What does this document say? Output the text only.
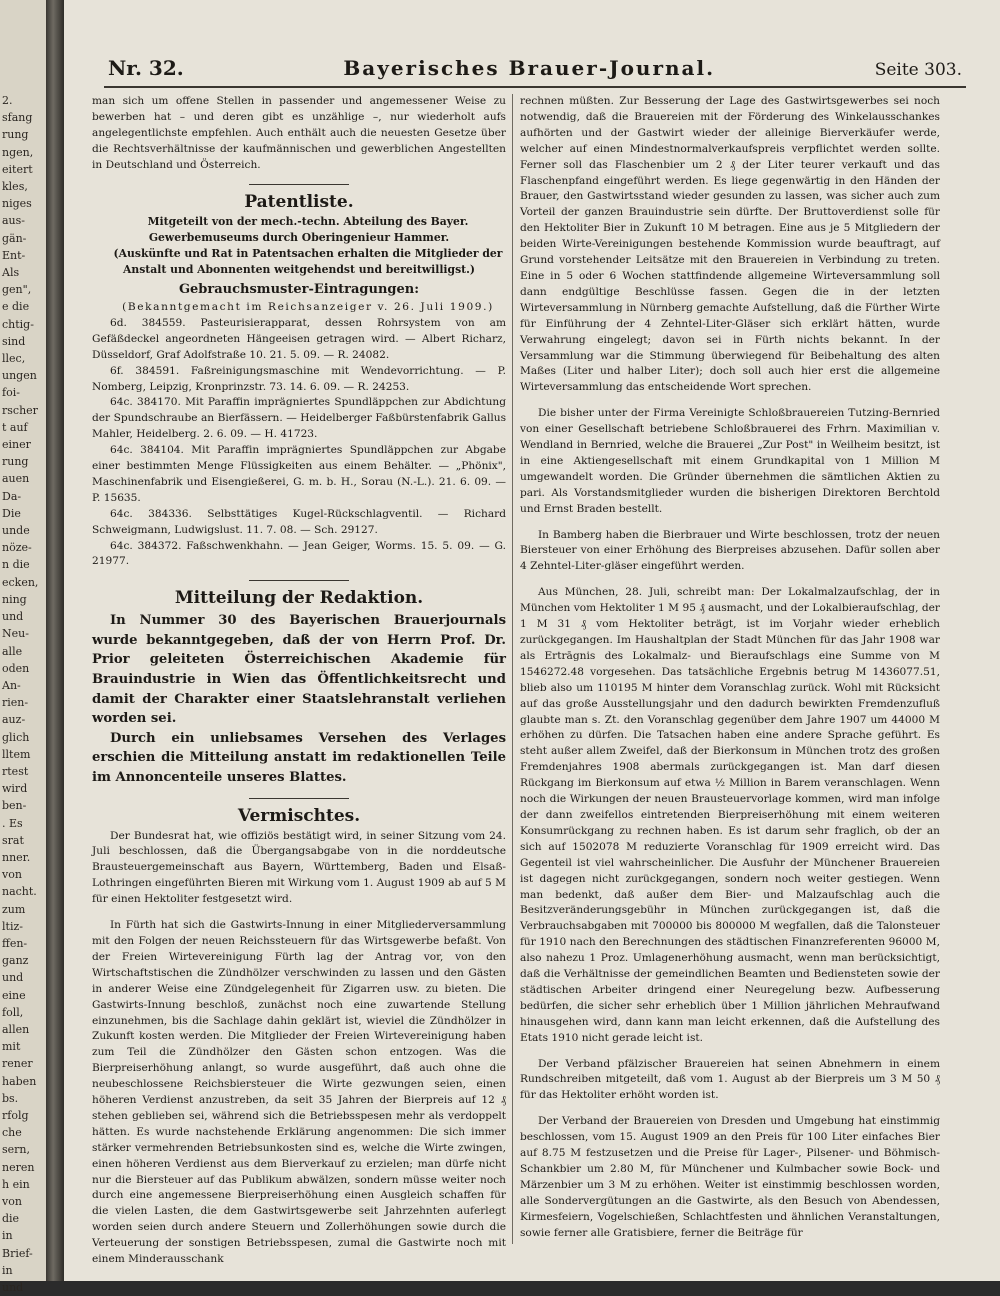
2.
sfang
rung
ngen,
eitert
kles,
niges
aus-
gän-
Ent-
Als
gen",
e die
chtig-
sind
llec,
ungen
foi-
rscher
t auf
einer
rung
auen
Da-
Die
unde
nöze-
n die
ecken,
ning
und
Neu-
alle
oden
An-
rien-
auz-
glich
lltem
rtest
wird
ben-
. Es
srat
nner.
von
nacht.
zum
ltiz-
ffen-
ganz
und
eine
foll,
allen
mit
rener
haben
bs.
rfolg
che
sern,
neren
h ein
von
die
in
Brief-
in
und
Nr. 32.	Bayerisches Brauer-Journal.	Seite 303.

man sich um offene Stellen in passender und angemessener Weise zu bewerben hat – und deren gibt es unzählige –, nur wiederholt aufs angelegentlichste empfehlen. Auch enthält auch die neuesten Gesetze über die Rechtsverhältnisse der kaufmännischen und gewerblichen Angestellten in Deutschland und Österreich.

Patentliste.

Mitgeteilt von der mech.-techn. Abteilung des Bayer. Gewerbemuseums durch Oberingenieur Hammer.

(Auskünfte und Rat in Patentsachen erhalten die Mitglieder der Anstalt und Abonnenten weitgehendst und bereitwilligst.)

Gebrauchsmuster-Eintragungen:

(Bekanntgemacht im Reichsanzeiger v. 26. Juli 1909.)

6d. 384559. Pasteurisierapparat, dessen Rohrsystem von am Gefäßdeckel angeordneten Hängeeisen getragen wird. — Albert Richarz, Düsseldorf, Graf Adolfstraße 10. 21. 5. 09. — R. 24082.

6f. 384591. Faßreinigungsmaschine mit Wendevorrichtung. — P. Nomberg, Leipzig, Kronprinzstr. 73. 14. 6. 09. — R. 24253.

64c. 384170. Mit Paraffin imprägniertes Spundläppchen zur Abdichtung der Spundschraube an Bierfässern. — Heidelberger Faßbürstenfabrik Gallus Mahler, Heidelberg. 2. 6. 09. — H. 41723.

64c. 384104. Mit Paraffin imprägniertes Spundläppchen zur Abgabe einer bestimmten Menge Flüssigkeiten aus einem Behälter. — „Phönix", Maschinenfabrik und Eisengießerei, G. m. b. H., Sorau (N.-L.). 21. 6. 09. — P. 15635.

64c. 384336. Selbsttätiges Kugel-Rückschlagventil. — Richard Schweigmann, Ludwigslust. 11. 7. 08. — Sch. 29127.

64c. 384372. Faßschwenkhahn. — Jean Geiger, Worms. 15. 5. 09. — G. 21977.

Mitteilung der Redaktion.

In Nummer 30 des Bayerischen Brauerjournals wurde bekanntgegeben, daß der von Herrn Prof. Dr. Prior geleiteten Österreichischen Akademie für Brauindustrie in Wien das Öffentlichkeitsrecht und damit der Charakter einer Staatslehranstalt verliehen worden sei.

Durch ein unliebsames Versehen des Verlages erschien die Mitteilung anstatt im redaktionellen Teile im Annoncenteile unseres Blattes.

Vermischtes.

Der Bundesrat hat, wie offiziös bestätigt wird, in seiner Sitzung vom 24. Juli beschlossen, daß die Übergangsabgabe von in die norddeutsche Brausteuergemeinschaft aus Bayern, Württemberg, Baden und Elsaß-Lothringen eingeführten Bieren mit Wirkung vom 1. August 1909 ab auf 5 M für einen Hektoliter festgesetzt wird.

In Fürth hat sich die Gastwirts-Innung in einer Mitgliederversammlung mit den Folgen der neuen Reichssteuern für das Wirtsgewerbe befaßt. Von der Freien Wirtevereinigung Fürth lag der Antrag vor, von den Wirtschaftstischen die Zündhölzer verschwinden zu lassen und den Gästen in anderer Weise eine Zündgelegenheit für Zigarren usw. zu bieten. Die Gastwirts-Innung beschloß, zunächst noch eine zuwartende Stellung einzunehmen, bis die Sachlage dahin geklärt ist, wieviel die Zündhölzer in Zukunft kosten werden. Die Mitglieder der Freien Wirtevereinigung haben zum Teil die Zündhölzer den Gästen schon entzogen. Was die Bierpreiserhöhung anlangt, so wurde ausgeführt, daß auch ohne die neubeschlossene Reichsbiersteuer die Wirte gezwungen seien, einen höheren Verdienst anzustreben, da seit 35 Jahren der Bierpreis auf 12 ₰ stehen geblieben sei, während sich die Betriebsspesen mehr als verdoppelt hätten. Es wurde nachstehende Erklärung angenommen: Die sich immer stärker vermehrenden Betriebsunkosten sind es, welche die Wirte zwingen, einen höheren Verdienst aus dem Bierverkauf zu erzielen; man dürfe nicht nur die Biersteuer auf das Publikum abwälzen, sondern müsse weiter noch durch eine angemessene Bierpreiserhöhung einen Ausgleich schaffen für die vielen Lasten, die dem Gastwirtsgewerbe seit Jahrzehnten auferlegt worden seien durch andere Steuern und Zollerhöhungen sowie durch die Verteuerung der sonstigen Betriebsspesen, zumal die Gastwirte noch mit einem Minderausschank

rechnen müßten. Zur Besserung der Lage des Gastwirtsgewerbes sei noch notwendig, daß die Brauereien mit der Förderung des Winkelausschankes aufhörten und der Gastwirt wieder der alleinige Bierverkäufer werde, welcher auf einen Mindestnormalverkaufspreis verpflichtet werden sollte. Ferner soll das Flaschenbier um 2 ₰ der Liter teurer verkauft und das Flaschenpfand eingeführt werden. Es liege gegenwärtig in den Händen der Brauer, den Gastwirtsstand wieder gesunden zu lassen, was sicher auch zum Vorteil der ganzen Brauindustrie sein dürfte. Der Bruttoverdienst solle für den Hektoliter Bier in Zukunft 10 M betragen. Eine aus je 5 Mitgliedern der beiden Wirte-Vereinigungen bestehende Kommission wurde beauftragt, auf Grund vorstehender Leitsätze mit den Brauereien in Verbindung zu treten. Eine in 5 oder 6 Wochen stattfindende allgemeine Wirteversammlung soll dann endgültige Beschlüsse fassen. Gegen die in der letzten Wirteversammlung in Nürnberg gemachte Aufstellung, daß die Fürther Wirte für Einführung der 4 Zehntel-Liter-Gläser sich erklärt hätten, wurde Verwahrung eingelegt; davon sei in Fürth nichts bekannt. In der Versammlung war die Stimmung überwiegend für Beibehaltung des alten Maßes (Liter und halber Liter); doch soll auch hier erst die allgemeine Wirteversammlung das entscheidende Wort sprechen.

Die bisher unter der Firma Vereinigte Schloßbrauereien Tutzing-Bernried von einer Gesellschaft betriebene Schloßbrauerei des Frhrn. Maximilian v. Wendland in Bernried, welche die Brauerei „Zur Post" in Weilheim besitzt, ist in eine Aktiengesellschaft mit einem Grundkapital von 1 Million M umgewandelt worden. Die Gründer übernehmen die sämtlichen Aktien zu pari. Als Vorstandsmitglieder wurden die bisherigen Direktoren Berchtold und Ernst Braden bestellt.

In Bamberg haben die Bierbrauer und Wirte beschlossen, trotz der neuen Biersteuer von einer Erhöhung des Bierpreises abzusehen. Dafür sollen aber 4 Zehntel-Liter-gläser eingeführt werden.

Aus München, 28. Juli, schreibt man: Der Lokalmalzaufschlag, der in München vom Hektoliter 1 M 95 ₰ ausmacht, und der Lokalbieraufschlag, der 1 M 31 ₰ vom Hektoliter beträgt, ist im Vorjahr wieder erheblich zurückgegangen. Im Haushaltplan der Stadt München für das Jahr 1908 war als Ertrāgnis des Lokalmalz- und Bieraufschlags eine Summe von M 1546272.48 vorgesehen. Das tatsächliche Ergebnis betrug M 1436077.51, blieb also um 110195 M hinter dem Voranschlag zurück. Wohl mit Rücksicht auf das große Ausstellungsjahr und den dadurch bewirkten Fremdenzufluß glaubte man s. Zt. den Voranschlag gegenüber dem Jahre 1907 um 44000 M erhöhen zu dürfen. Die Tatsachen haben eine andere Sprache geführt. Es steht außer allem Zweifel, daß der Bierkonsum in München trotz des großen Fremdenjahres 1908 abermals zurückgegangen ist. Man darf diesen Rückgang im Bierkonsum auf etwa ½ Million in Barem veranschlagen. Wenn noch die Wirkungen der neuen Brausteuervorlage kommen, wird man infolge der dann zweifellos eintretenden Bierpreiserhöhung mit einem weiteren Konsumrückgang zu rechnen haben. Es ist darum sehr fraglich, ob der an sich auf 1502078 M reduzierte Voranschlag für 1909 erreicht wird. Das Gegenteil ist viel wahrscheinlicher. Die Ausfuhr der Münchener Brauereien ist dagegen nicht zurückgegangen, sondern noch weiter gestiegen. Wenn man bedenkt, daß außer dem Bier- und Malzaufschlag auch die Besitzveränderungsgebühr in München zurückgegangen ist, daß die Verbrauchsabgaben mit 700000 bis 800000 M wegfallen, daß die Talonsteuer für 1910 nach den Berechnungen des städtischen Finanzreferenten 96000 M, also nahezu 1 Proz. Umlagenerhöhung ausmacht, wenn man berücksichtigt, daß die Verhältnisse der gemeindlichen Beamten und Bediensteten sowie der städtischen Arbeiter dringend einer Neuregelung bezw. Aufbesserung bedürfen, die sicher sehr erheblich über 1 Million jährlichen Mehraufwand hinausgehen wird, dann kann man leicht erkennen, daß die Aufstellung des Etats 1910 nicht gerade leicht ist.

Der Verband pfälzischer Brauereien hat seinen Abnehmern in einem Rundschreiben mitgeteilt, daß vom 1. August ab der Bierpreis um 3 M 50 ₰ für das Hektoliter erhöht worden ist.

Der Verband der Brauereien von Dresden und Umgebung hat einstimmig beschlossen, vom 15. August 1909 an den Preis für 100 Liter einfaches Bier auf 8.75 M festzusetzen und die Preise für Lager-, Pilsener- und Böhmisch-Schankbier um 2.80 M, für Münchener und Kulmbacher sowie Bock- und Märzenbier um 3 M zu erhöhen. Weiter ist einstimmig beschlossen worden, alle Sondervergütungen an die Gastwirte, als den Besuch von Abendessen, Kirmesfeiern, Vogelschießen, Schlachtfesten und ähnlichen Veranstaltungen, sowie ferner alle Gratisbiere, ferner die Beiträge für
